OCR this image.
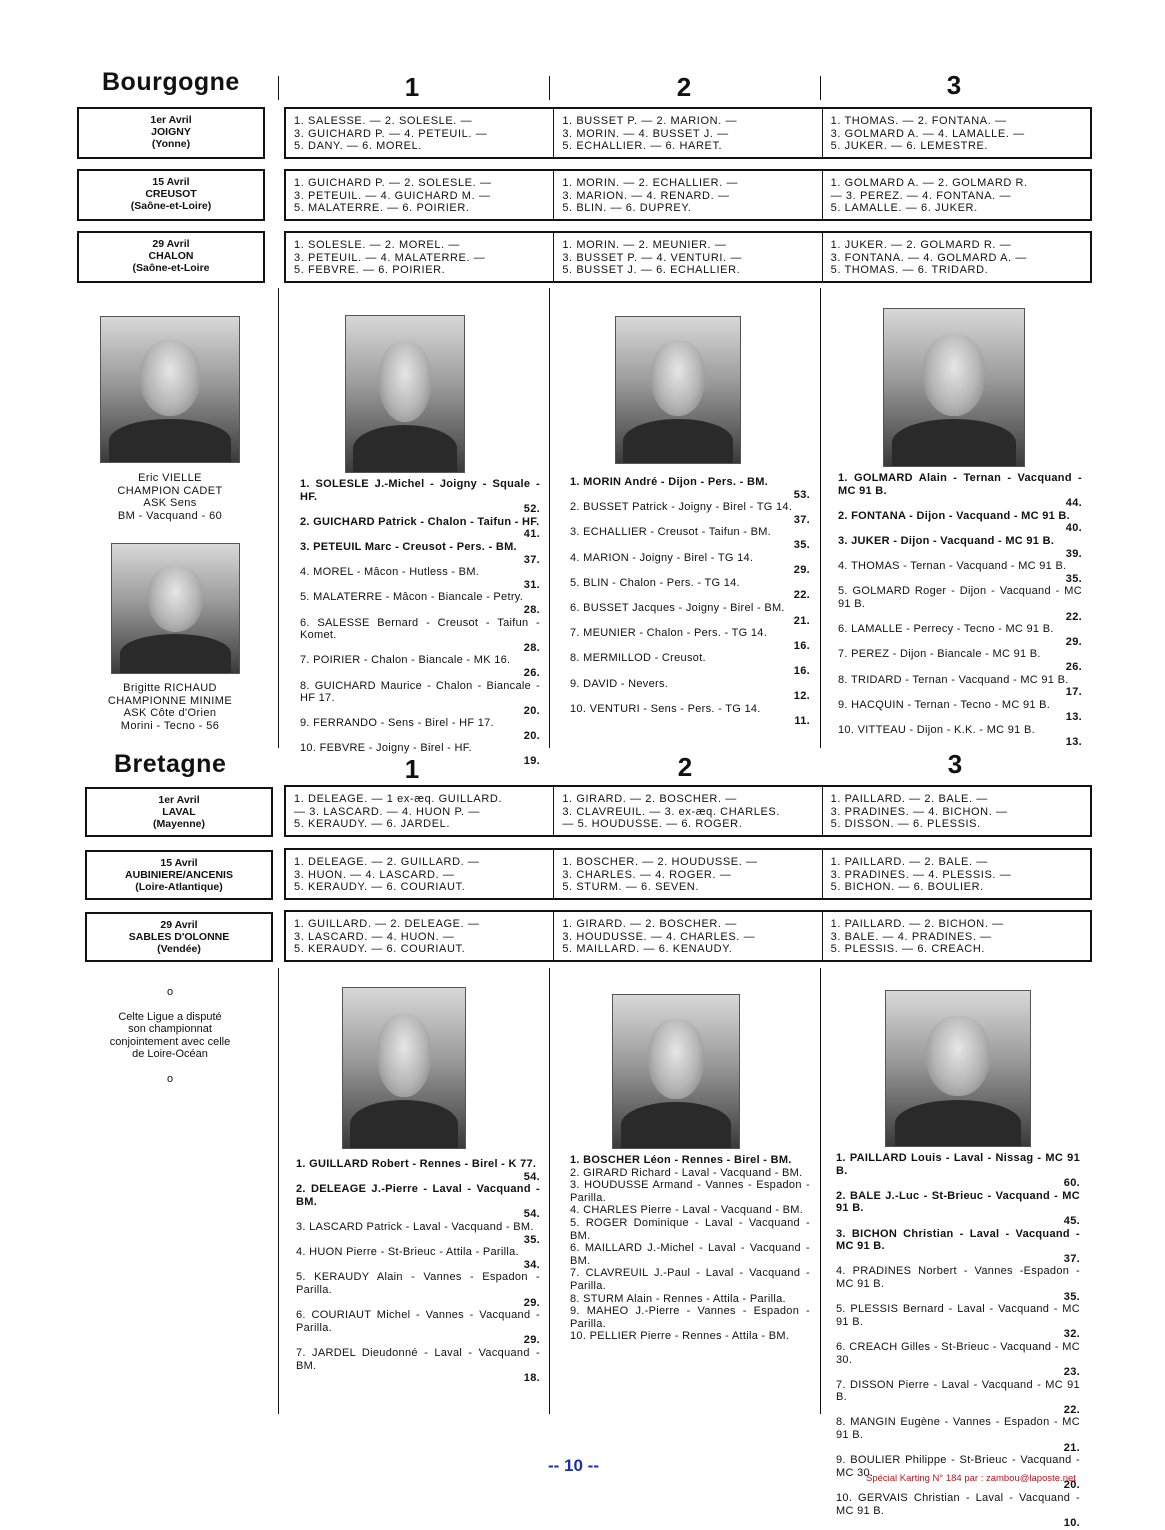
Bourgogne	1	2	3
1er Avril
JOIGNY
(Yonne)
1. SALESSE. — 2. SOLESLE. —
3. GUICHARD P. — 4. PETEUIL. —
5. DANY. — 6. MOREL.
1. BUSSET P. — 2. MARION. —
3. MORIN. — 4. BUSSET J. —
5. ECHALLIER. — 6. HARET.
1. THOMAS. — 2. FONTANA. —
3. GOLMARD A. — 4. LAMALLE. —
5. JUKER. — 6. LEMESTRE.
15 Avril
CREUSOT
(Saône-et-Loire)
1. GUICHARD P. — 2. SOLESLE. —
3. PETEUIL. — 4. GUICHARD M. —
5. MALATERRE. — 6. POIRIER.
1. MORIN. — 2. ECHALLIER. —
3. MARION. — 4. RENARD. —
5. BLIN. — 6. DUPREY.
1. GOLMARD A. — 2. GOLMARD R.
— 3. PEREZ. — 4. FONTANA. —
5. LAMALLE. — 6. JUKER.
29 Avril
CHALON
(Saône-et-Loire
1. SOLESLE. — 2. MOREL. —
3. PETEUIL. — 4. MALATERRE. —
5. FEBVRE. — 6. POIRIER.
1. MORIN. — 2. MEUNIER. —
3. BUSSET P. — 4. VENTURI. —
5. BUSSET J. — 6. ECHALLIER.
1. JUKER. — 2. GOLMARD R. —
3. FONTANA. — 4. GOLMARD A. —
5. THOMAS. — 6. TRIDARD.
Eric VIELLE
CHAMPION CADET
ASK Sens
BM - Vacquand - 60
Brigitte RICHAUD
CHAMPIONNE MINIME
ASK Côte d'Orien
Morini - Tecno - 56
1. SOLESLE J.-Michel - Joigny - Squale - HF.
52.
2. GUICHARD Patrick - Chalon - Taifun - HF.
41.
3. PETEUIL Marc - Creusot - Pers. - BM.
37.
4. MOREL - Mâcon - Hutless - BM.
31.
5. MALATERRE - Mâcon - Biancale - Petry.
28.
6. SALESSE Bernard - Creusot - Taifun - Komet.
28.
7. POIRIER - Chalon - Biancale - MK 16.
26.
8. GUICHARD Maurice - Chalon - Biancale - HF 17.
20.
9. FERRANDO - Sens - Birel - HF 17.
20.
10. FEBVRE - Joigny - Birel - HF.
19.
1. MORIN André - Dijon - Pers. - BM.
53.
2. BUSSET Patrick - Joigny - Birel - TG 14.
37.
3. ECHALLIER - Creusot - Taifun - BM.
35.
4. MARION - Joigny - Birel - TG 14.
29.
5. BLIN - Chalon - Pers. - TG 14.
22.
6. BUSSET Jacques - Joigny - Birel - BM.
21.
7. MEUNIER - Chalon - Pers. - TG 14.
16.
8. MERMILLOD - Creusot.
16.
9. DAVID - Nevers.
12.
10. VENTURI - Sens - Pers. - TG 14.
11.
1. GOLMARD Alain - Ternan - Vacquand - MC 91 B.
44.
2. FONTANA - Dijon - Vacquand - MC 91 B.
40.
3. JUKER - Dijon - Vacquand - MC 91 B.
39.
4. THOMAS - Ternan - Vacquand - MC 91 B.
35.
5. GOLMARD Roger - Dijon - Vacquand - MC 91 B.
22.
6. LAMALLE - Perrecy - Tecno - MC 91 B.
29.
7. PEREZ - Dijon - Biancale - MC 91 B.
26.
8. TRIDARD - Ternan - Vacquand - MC 91 B.
17.
9. HACQUIN - Ternan - Tecno - MC 91 B.
13.
10. VITTEAU - Dijon - K.K. - MC 91 B.
13.
Bretagne	1	2	3
1er Avril
LAVAL
(Mayenne)
1. DELEAGE. — 1 ex-æq. GUILLARD.
— 3. LASCARD. — 4. HUON P. —
5. KERAUDY. — 6. JARDEL.
1. GIRARD. — 2. BOSCHER. —
3. CLAVREUIL. — 3. ex-æq. CHARLES.
— 5. HOUDUSSE. — 6. ROGER.
1. PAILLARD. — 2. BALE. —
3. PRADINES. — 4. BICHON. —
5. DISSON. — 6. PLESSIS.
15 Avril
AUBINIERE/ANCENIS
(Loire-Atlantique)
1. DELEAGE. — 2. GUILLARD. —
3. HUON. — 4. LASCARD. —
5. KERAUDY. — 6. COURIAUT.
1. BOSCHER. — 2. HOUDUSSE. —
3. CHARLES. — 4. ROGER. —
5. STURM. — 6. SEVEN.
1. PAILLARD. — 2. BALE. —
3. PRADINES. — 4. PLESSIS. —
5. BICHON. — 6. BOULIER.
29 Avril
SABLES D'OLONNE
(Vendée)
1. GUILLARD. — 2. DELEAGE. —
3. LASCARD. — 4. HUON. —
5. KERAUDY. — 6. COURIAUT.
1. GIRARD. — 2. BOSCHER. —
3. HOUDUSSE. — 4. CHARLES. —
5. MAILLARD. — 6. KENAUDY.
1. PAILLARD. — 2. BICHON. —
3. BALE. — 4. PRADINES. —
5. PLESSIS. — 6. CREACH.
o
Celte Ligue a disputé
son championnat
conjointement avec celle
de Loire-Océan
o
1. GUILLARD Robert - Rennes - Birel - K 77.
54.
2. DELEAGE J.-Pierre - Laval - Vacquand - BM.
54.
3. LASCARD Patrick - Laval - Vacquand - BM.
35.
4. HUON Pierre - St-Brieuc - Attila - Parilla.
34.
5. KERAUDY Alain - Vannes - Espadon - Parilla.
29.
6. COURIAUT Michel - Vannes - Vacquand - Parilla.
29.
7. JARDEL Dieudonné - Laval - Vacquand - BM.
18.
1. BOSCHER Léon - Rennes - Birel - BM.
2. GIRARD Richard - Laval - Vacquand - BM.
3. HOUDUSSE Armand - Vannes - Espadon - Parilla.
4. CHARLES Pierre - Laval - Vacquand - BM.
5. ROGER Dominique - Laval - Vacquand - BM.
6. MAILLARD J.-Michel - Laval - Vacquand - BM.
7. CLAVREUIL J.-Paul - Laval - Vacquand - Parilla.
8. STURM Alain - Rennes - Attila - Parilla.
9. MAHEO J.-Pierre - Vannes - Espadon - Parilla.
10. PELLIER Pierre - Rennes - Attila - BM.
1. PAILLARD Louis - Laval - Nissag - MC 91 B.
60.
2. BALE J.-Luc - St-Brieuc - Vacquand - MC 91 B.
45.
3. BICHON Christian - Laval - Vacquand - MC 91 B.
37.
4. PRADINES Norbert - Vannes -Espadon - MC 91 B.
35.
5. PLESSIS Bernard - Laval - Vacquand - MC 91 B.
32.
6. CREACH Gilles - St-Brieuc - Vacquand - MC 30.
23.
7. DISSON Pierre - Laval - Vacquand - MC 91 B.
22.
8. MANGIN Eugène - Vannes - Espadon - MC 91 B.
21.
9. BOULIER Philippe - St-Brieuc - Vacquand - MC 30.
20.
10. GERVAIS Christian - Laval - Vacquand - MC 91 B.
10.
-- 10 --
Spécial Karting N° 184 par : zambou@laposte.net
